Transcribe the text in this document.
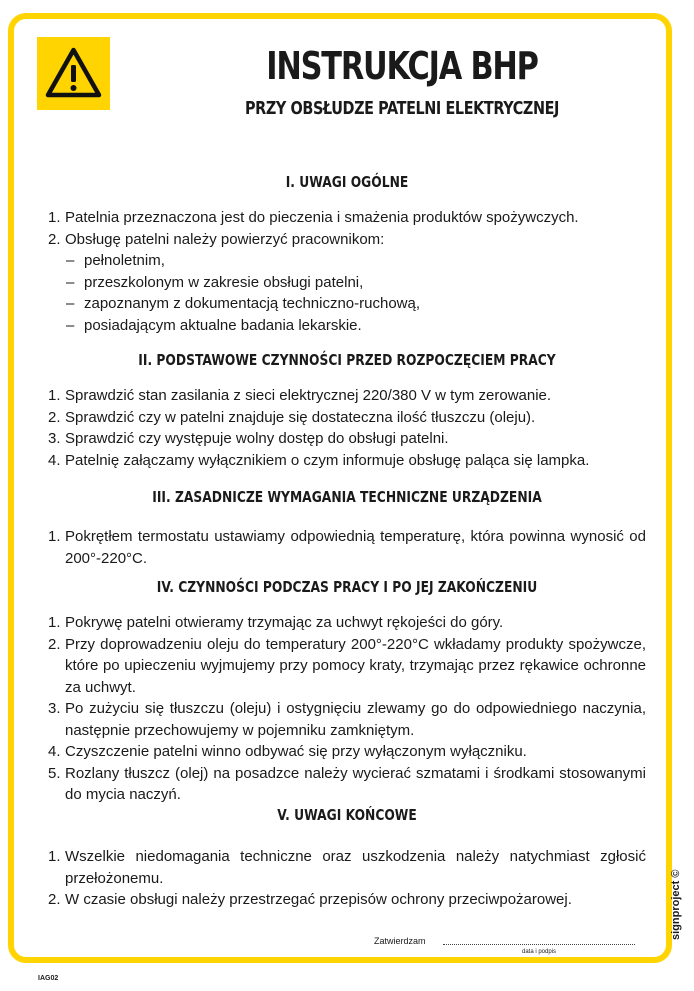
INSTRUKCJA BHP
PRZY OBSŁUDZE PATELNI ELEKTRYCZNEJ
I. UWAGI OGÓLNE
1. Patelnia przeznaczona jest do pieczenia i smażenia produktów spożywczych.
2. Obsługę patelni należy powierzyć pracownikom:
– pełnoletnim,
– przeszkolonym w zakresie obsługi patelni,
– zapoznanym z dokumentacją techniczno-ruchową,
– posiadającym aktualne badania lekarskie.
II. PODSTAWOWE CZYNNOŚCI PRZED ROZPOCZĘCIEM PRACY
1. Sprawdzić stan zasilania z sieci elektrycznej 220/380 V w tym zerowanie.
2. Sprawdzić czy w patelni znajduje się dostateczna ilość tłuszczu (oleju).
3. Sprawdzić czy występuje wolny dostęp do obsługi patelni.
4. Patelnię załączamy wyłącznikiem o czym informuje obsługę paląca się lampka.
III. ZASADNICZE WYMAGANIA TECHNICZNE URZĄDZENIA
1. Pokrętłem termostatu ustawiamy odpowiednią temperaturę, która powinna wynosić od 200°-220°C.
IV. CZYNNOŚCI PODCZAS PRACY I PO JEJ ZAKOŃCZENIU
1. Pokrywę patelni otwieramy trzymając za uchwyt rękojeści do góry.
2. Przy doprowadzeniu oleju do temperatury 200°-220°C wkładamy produkty spożywcze, które po upieczeniu wyjmujemy przy pomocy kraty, trzymając przez rękawice ochronne za uchwyt.
3. Po zużyciu się tłuszczu (oleju) i ostygnięciu zlewamy go do odpowiedniego naczynia, następnie przechowujemy w pojemniku zamkniętym.
4. Czyszczenie patelni winno odbywać się przy wyłączonym wyłączniku.
5. Rozlany tłuszcz (olej) na posadzce należy wycierać szmatami i środkami stosowanymi do mycia naczyń.
V. UWAGI KOŃCOWE
1. Wszelkie niedomagania techniczne oraz uszkodzenia należy natychmiast zgłosić przełożonemu.
2. W czasie obsługi należy przestrzegać przepisów ochrony przeciwpożarowej.
Zatwierdzam
data i podpis
signproject ©
IAG02
